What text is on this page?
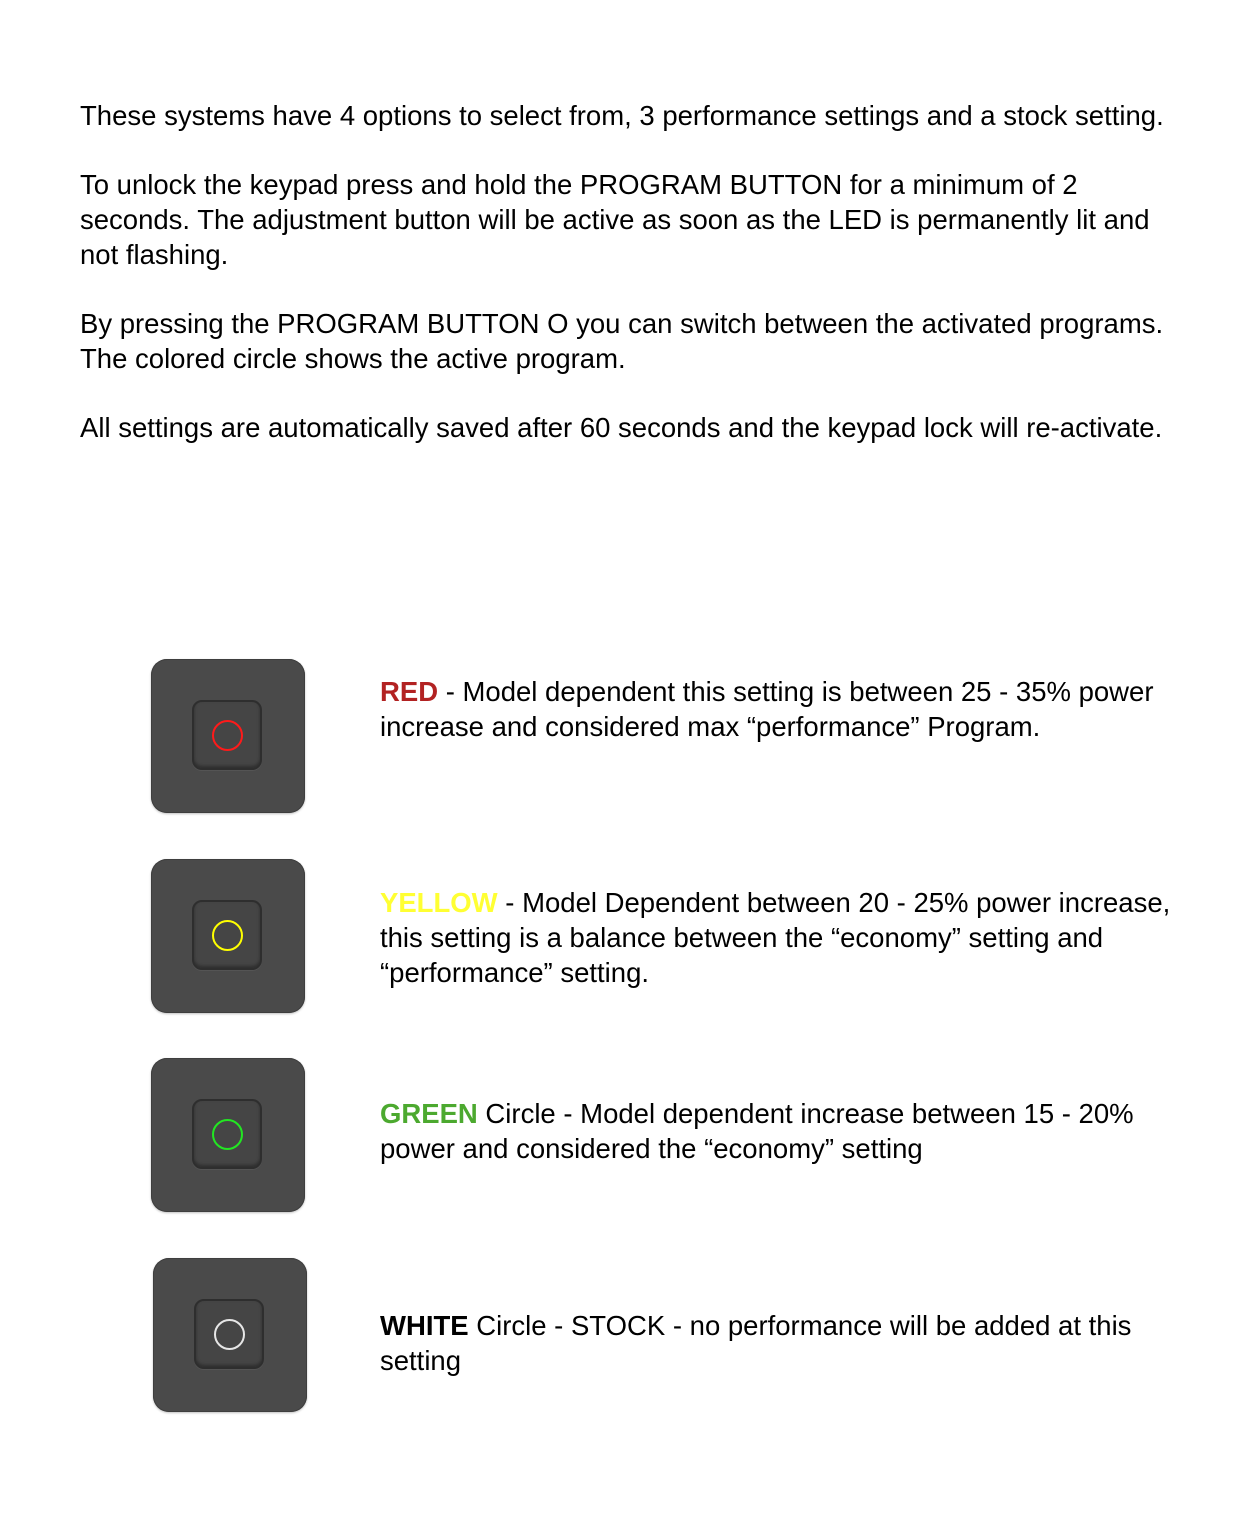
These systems have 4 options to select from, 3 performance settings and a stock setting.

To unlock the keypad press and hold the PROGRAM BUTTON for a minimum of 2 seconds. The adjustment button will be active as soon as the LED is permanently lit and not flashing.

By pressing the PROGRAM BUTTON O you can switch between the activated programs. The colored circle shows the active program.

All settings are automatically saved after 60 seconds and the keypad lock will re-activate.

RED - Model dependent this setting is between 25 - 35% power increase and considered max “performance” Program.
YELLOW - Model Dependent between 20 - 25% power increase, this setting is a balance between the “economy” setting and “performance” setting.
GREEN Circle - Model dependent increase between 15 - 20% power and considered the “economy” setting
WHITE Circle - STOCK - no performance will be added at this setting
